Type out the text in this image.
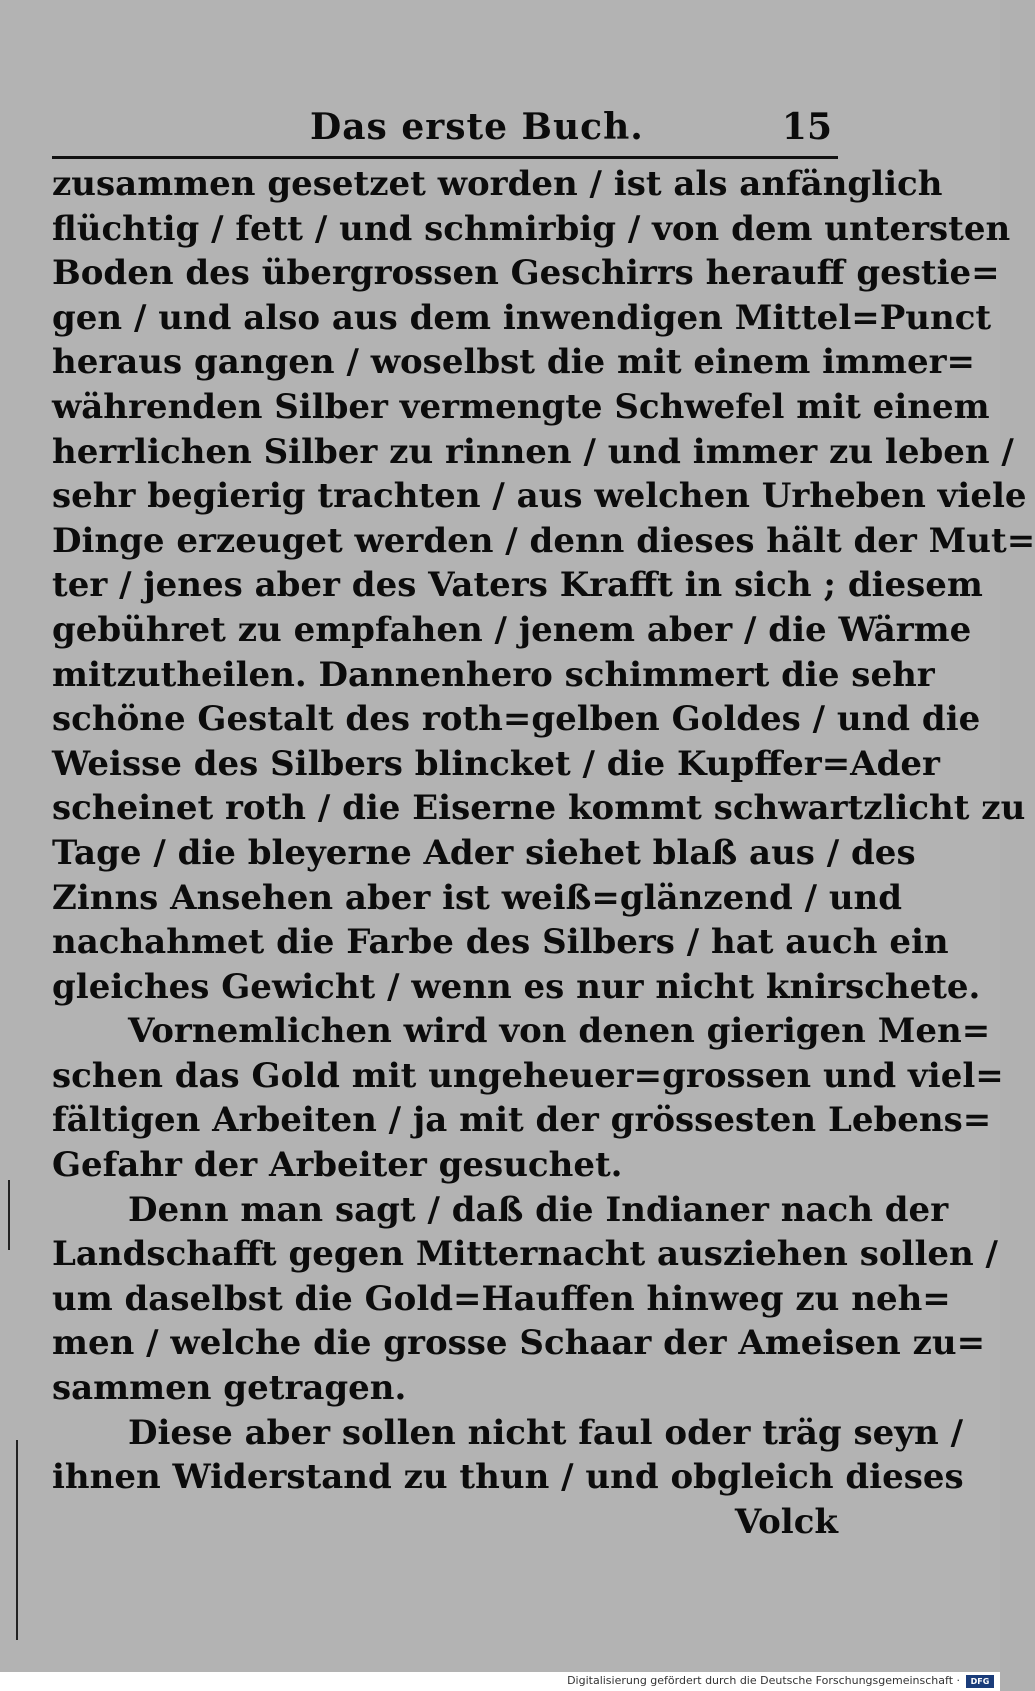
Das erste Buch.	15
zusammen gesetzet worden / ist als anfänglich
flüchtig / fett / und schmirbig / von dem untersten
Boden des übergrossen Geschirrs herauff gestie=
gen / und also aus dem inwendigen Mittel=Punct
heraus gangen / woselbst die mit einem immer=
währenden Silber vermengte Schwefel mit einem
herrlichen Silber zu rinnen / und immer zu leben /
sehr begierig trachten / aus welchen Urheben viele
Dinge erzeuget werden / denn dieses hält der Mut=
ter / jenes aber des Vaters Krafft in sich ; diesem
gebühret zu empfahen / jenem aber / die Wärme
mitzutheilen. Dannenhero schimmert die sehr
schöne Gestalt des roth=gelben Goldes / und die
Weisse des Silbers blincket / die Kupffer=Ader
scheinet roth / die Eiserne kommt schwartzlicht zu
Tage / die bleyerne Ader siehet blaß aus / des
Zinns Ansehen aber ist weiß=glänzend / und
nachahmet die Farbe des Silbers / hat auch ein
gleiches Gewicht / wenn es nur nicht knirschete.
Vornemlichen wird von denen gierigen Men=
schen das Gold mit ungeheuer=grossen und viel=
fältigen Arbeiten / ja mit der grössesten Lebens=
Gefahr der Arbeiter gesuchet.
Denn man sagt / daß die Indianer nach der
Landschafft gegen Mitternacht ausziehen sollen /
um daselbst die Gold=Hauffen hinweg zu neh=
men / welche die grosse Schaar der Ameisen zu=
sammen getragen.
Diese aber sollen nicht faul oder träg seyn /
ihnen Widerstand zu thun / und obgleich dieses
Volck
Digitalisierung gefördert durch die Deutsche Forschungsgemeinschaft ·	DFG
